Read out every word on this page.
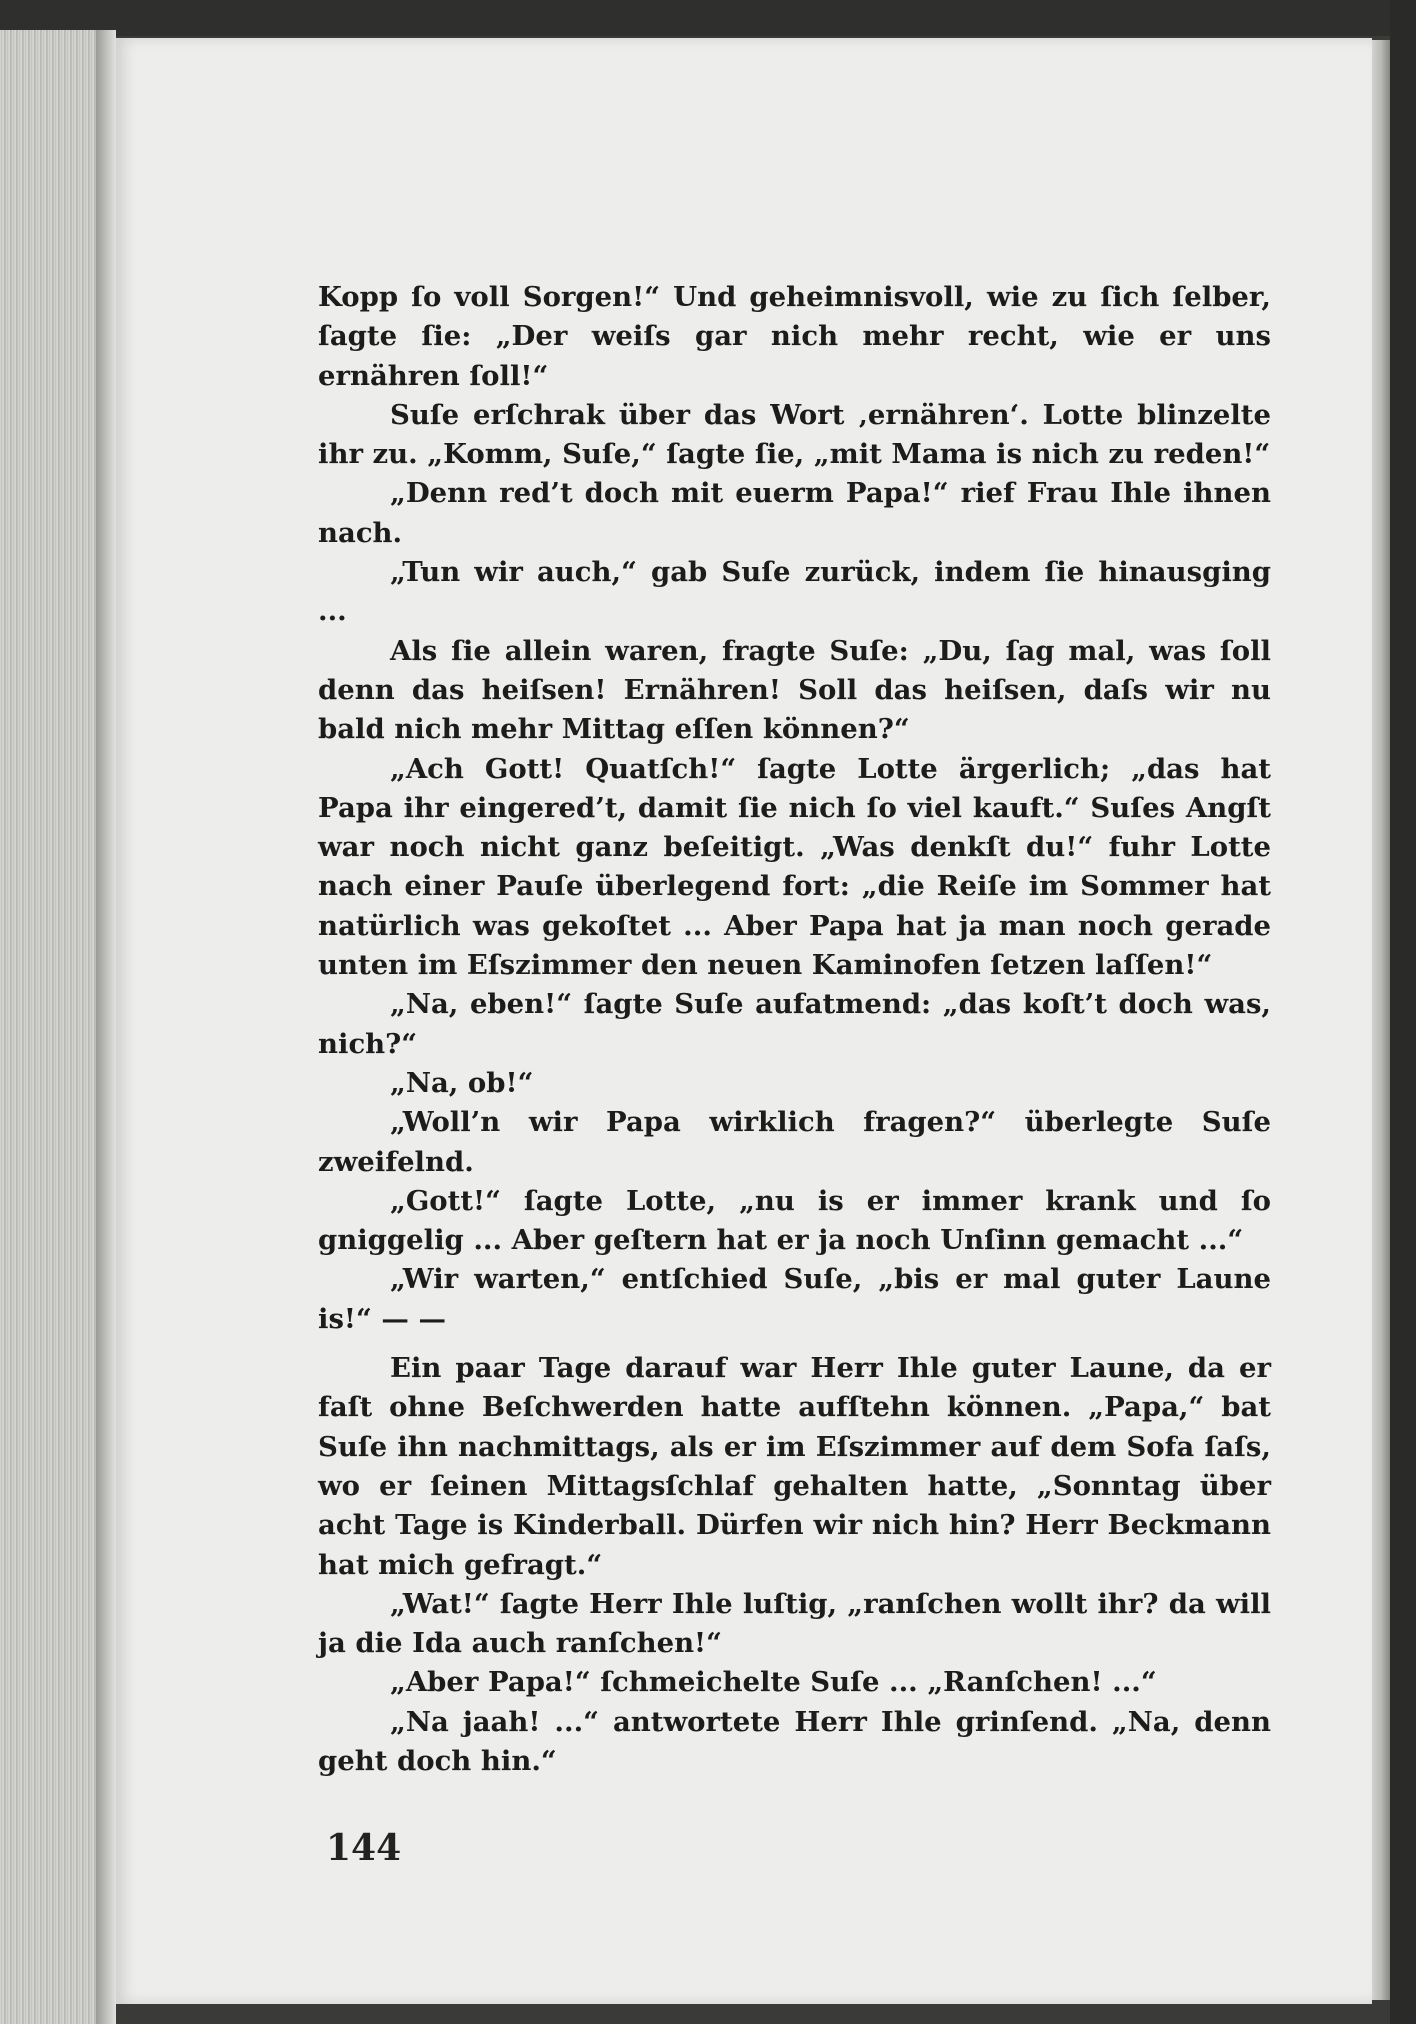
Kopp ſo voll Sorgen!“ Und geheimnisvoll, wie zu ſich ſelber, ſagte ſie: „Der weiſs gar nich mehr recht, wie er uns ernähren ſoll!“

Suſe erſchrak über das Wort ‚ernähren‘. Lotte blinzelte ihr zu. „Komm, Suſe,“ ſagte ſie, „mit Mama is nich zu reden!“

„Denn red’t doch mit euerm Papa!“ rief Frau Ihle ihnen nach.

„Tun wir auch,“ gab Suſe zurück, indem ſie hinausging ...

Als ſie allein waren, fragte Suſe: „Du, ſag mal, was ſoll denn das heiſsen! Ernähren! Soll das heiſsen, daſs wir nu bald nich mehr Mittag eſſen können?“

„Ach Gott! Quatſch!“ ſagte Lotte ärgerlich; „das hat Papa ihr eingered’t, damit ſie nich ſo viel kauft.“ Suſes Angſt war noch nicht ganz beſeitigt. „Was denkſt du!“ fuhr Lotte nach einer Pauſe überlegend fort: „die Reiſe im Sommer hat natürlich was gekoſtet ... Aber Papa hat ja man noch gerade unten im Eſszimmer den neuen Kaminofen ſetzen laſſen!“

„Na, eben!“ ſagte Suſe aufatmend: „das koſt’t doch was, nich?“

„Na, ob!“

„Woll’n wir Papa wirklich fragen?“ überlegte Suſe zweifelnd.

„Gott!“ ſagte Lotte, „nu is er immer krank und ſo gniggelig ... Aber geſtern hat er ja noch Unſinn gemacht ...“

„Wir warten,“ entſchied Suſe, „bis er mal guter Laune is!“ — —

Ein paar Tage darauf war Herr Ihle guter Laune, da er faſt ohne Beſchwerden hatte aufſtehn können. „Papa,“ bat Suſe ihn nachmittags, als er im Eſszimmer auf dem Sofa ſaſs, wo er ſeinen Mittagsſchlaf gehalten hatte, „Sonntag über acht Tage is Kinderball. Dürfen wir nich hin? Herr Beckmann hat mich gefragt.“

„Wat!“ ſagte Herr Ihle luſtig, „ranſchen wollt ihr? da will ja die Ida auch ranſchen!“

„Aber Papa!“ ſchmeichelte Suſe ... „Ranſchen! ...“

„Na jaah! ...“ antwortete Herr Ihle grinſend. „Na, denn geht doch hin.“

144
